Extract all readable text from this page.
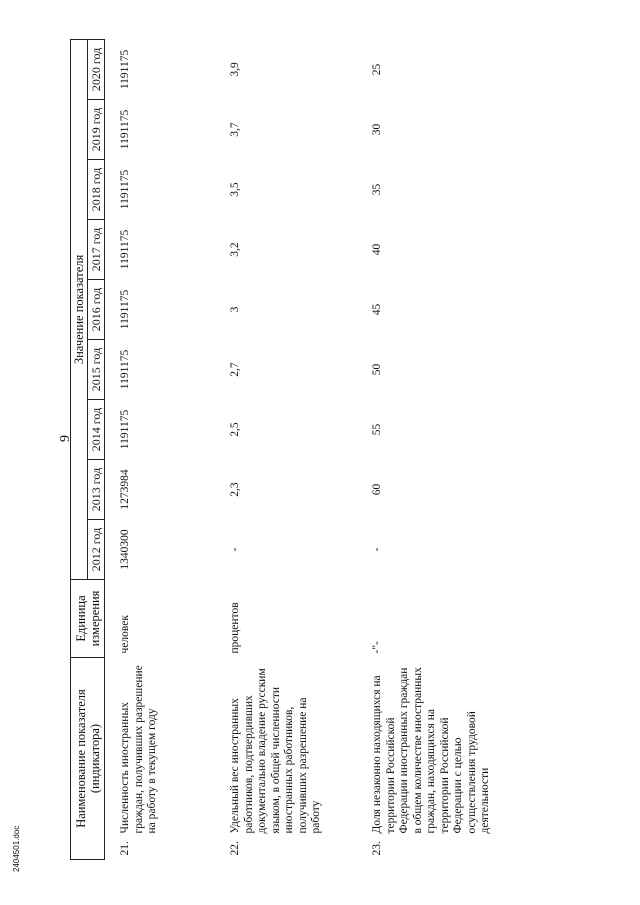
9
Наименование показателя (индикатора)		Единица измерения	Значение показателя								
			2012 год	2013 год	2014 год	2015 год	2016 год	2017 год	2018 год	2019 год	2020 год
21.	Численность иностранных граждан, получивших разрешение на работу в текущем году	человек	1340300	1273984	1191175	1191175	1191175	1191175	1191175	1191175	1191175
22.	Удельный вес иностранных работников, подтвердивших документально владение русским языком, в общей численности иностранных работников, получивших разрешение на работу	процентов	-	2,3	2,5	2,7	3	3,2	3,5	3,7	3,9
23.	Доля незаконно находящихся на территории Российской Федерации иностранных граждан в общем количестве иностранных граждан, находящихся на территории Российской Федерации с целью осуществления трудовой деятельности	-"-	-	60	55	50	45	40	35	30	25
2404501.doc
